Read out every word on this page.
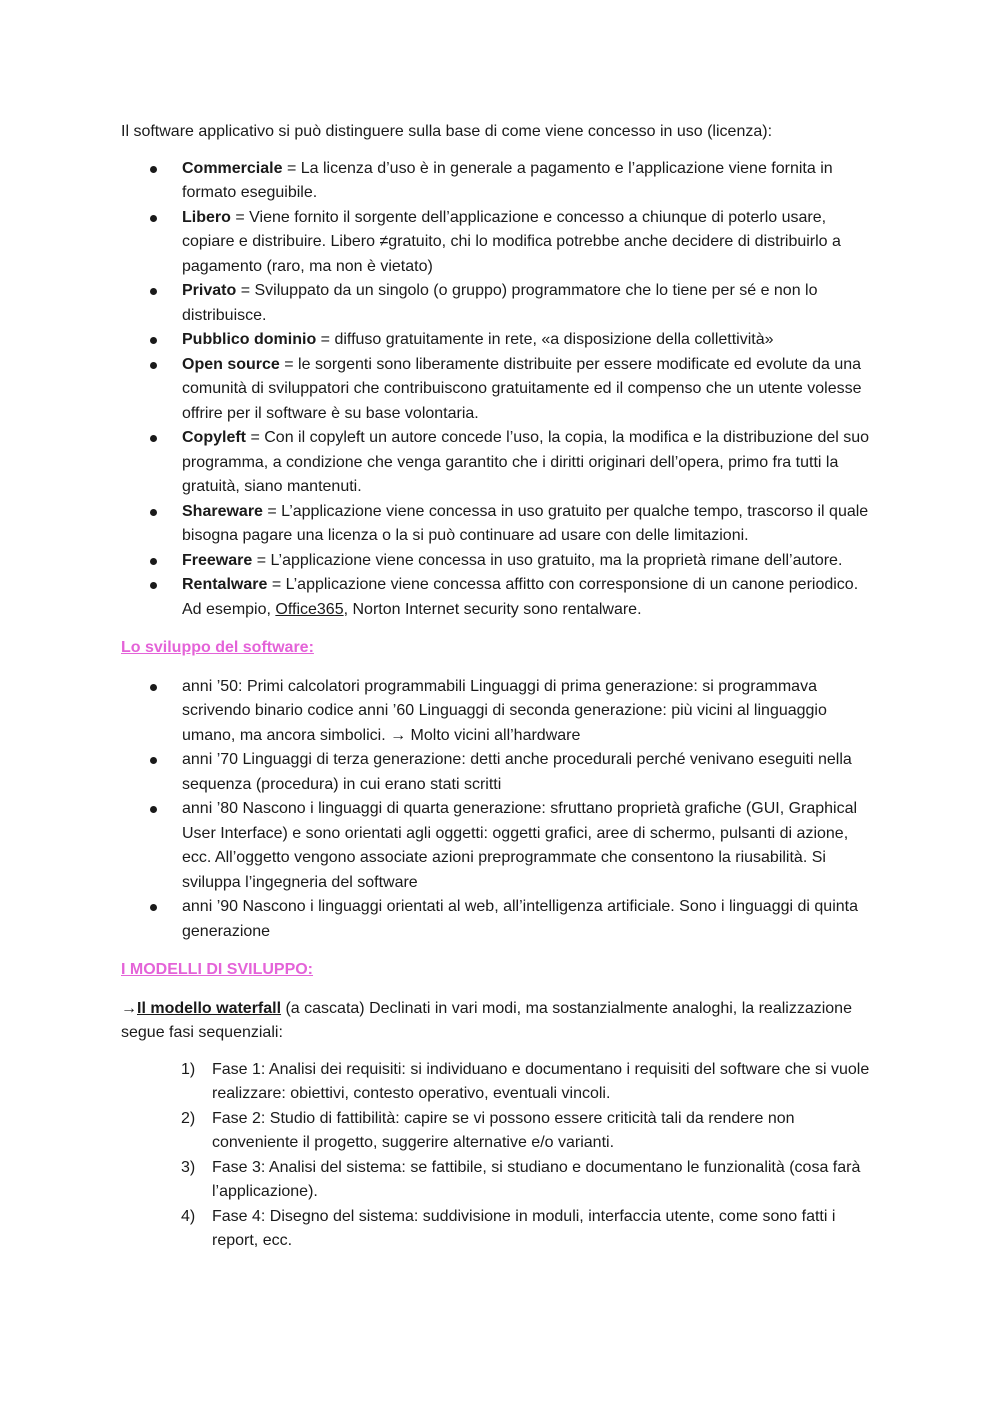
Il software applicativo si può distinguere sulla base di come viene concesso in uso (licenza):

Commerciale = La licenza d’uso è in generale a pagamento e l’applicazione viene fornita in formato eseguibile.
Libero = Viene fornito il sorgente dell’applicazione e concesso a chiunque di poterlo usare, copiare e distribuire. Libero ≠gratuito, chi lo modifica potrebbe anche decidere di distribuirlo a pagamento (raro, ma non è vietato)
Privato = Sviluppato da un singolo (o gruppo) programmatore che lo tiene per sé e non lo distribuisce.
Pubblico dominio = diffuso gratuitamente in rete, «a disposizione della collettività»
Open source = le sorgenti sono liberamente distribuite per essere modificate ed evolute da una comunità di sviluppatori che contribuiscono gratuitamente ed il compenso che un utente volesse offrire per il software è su base volontaria.
Copyleft = Con il copyleft un autore concede l’uso, la copia, la modifica e la distribuzione del suo programma, a condizione che venga garantito che i diritti originari dell’opera, primo fra tutti la gratuità, siano mantenuti.
Shareware = L’applicazione viene concessa in uso gratuito per qualche tempo, trascorso il quale bisogna pagare una licenza o la si può continuare ad usare con delle limitazioni.
Freeware = L’applicazione viene concessa in uso gratuito, ma la proprietà rimane dell’autore.
Rentalware = L’applicazione viene concessa affitto con corresponsione di un canone periodico. Ad esempio, Office365, Norton Internet security sono rentalware.

Lo sviluppo del software:

anni ’50: Primi calcolatori programmabili Linguaggi di prima generazione: si programmava scrivendo binario codice anni ’60 Linguaggi di seconda generazione: più vicini al linguaggio umano, ma ancora simbolici. → Molto vicini all’hardware
anni ’70 Linguaggi di terza generazione: detti anche procedurali perché venivano eseguiti nella sequenza (procedura) in cui erano stati scritti
anni ’80 Nascono i linguaggi di quarta generazione: sfruttano proprietà grafiche (GUI, Graphical User Interface) e sono orientati agli oggetti: oggetti grafici, aree di schermo, pulsanti di azione, ecc. All’oggetto vengono associate azioni preprogrammate che consentono la riusabilità. Si sviluppa l’ingegneria del software
anni ’90 Nascono i linguaggi orientati al web, all’intelligenza artificiale. Sono i linguaggi di quinta generazione

I MODELLI DI SVILUPPO:

→Il modello waterfall (a cascata) Declinati in vari modi, ma sostanzialmente analoghi, la realizzazione segue fasi sequenziali:

1) Fase 1: Analisi dei requisiti: si individuano e documentano i requisiti del software che si vuole realizzare: obiettivi, contesto operativo, eventuali vincoli.
2) Fase 2: Studio di fattibilità: capire se vi possono essere criticità tali da rendere non conveniente il progetto, suggerire alternative e/o varianti.
3) Fase 3: Analisi del sistema: se fattibile, si studiano e documentano le funzionalità (cosa farà l’applicazione).
4) Fase 4: Disegno del sistema: suddivisione in moduli, interfaccia utente, come sono fatti i report, ecc.
